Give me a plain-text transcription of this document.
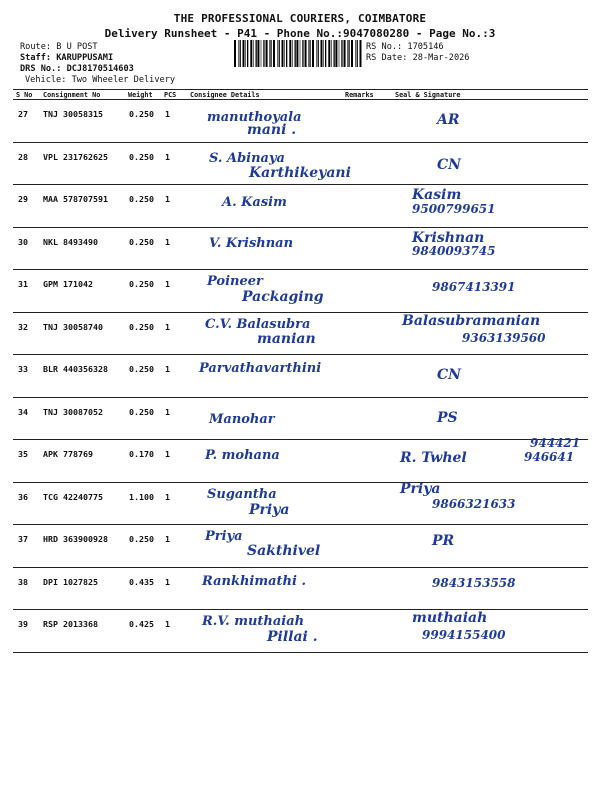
THE PROFESSIONAL COURIERS, COIMBATORE
Delivery Runsheet - P41 - Phone No.:9047080280 - Page No.:3
Route: B U POST
Staff: KARUPPUSAMI
DRS No.: DCJ8170514603
Vehicle: Two Wheeler Delivery
RS No.: 1705146
RS Date: 28-Mar-2026
S No	Consignment No	Weight	PCS	Consignee Details	Remarks	Seal & Signature

27	TNJ 30058315	0.250	1	manuthoyala
mani .		AR

28	VPL 231762625	0.250	1	S. Abinaya
Karthikeyani		CN

29	MAA 578707591	0.250	1	A. Kasim		Kasim
9500799651

30	NKL 8493490	0.250	1	V. Krishnan		Krishnan
9840093745

31	GPM 171042	0.250	1	Poineer
Packaging		9867413391

32	TNJ 30058740	0.250	1	C.V. Balasubra
manian		Balasubramanian
9363139560

33	BLR 440356328	0.250	1	Parvathavarthini		CN

34	TNJ 30087052	0.250	1	Manohar		PS

35	APK 778769	0.170	1	P. mohana		R. Twhel
944421
946641

36	TCG 42240775	1.100	1	Sugantha
Priya		Priya
9866321633

37	HRD 363900928	0.250	1	Priya
Sakthivel		PR

38	DPI 1027825	0.435	1	Rankhimathi .		9843153558

39	RSP 2013368	0.425	1	R.V. muthaiah
Pillai .		muthaiah
9994155400
